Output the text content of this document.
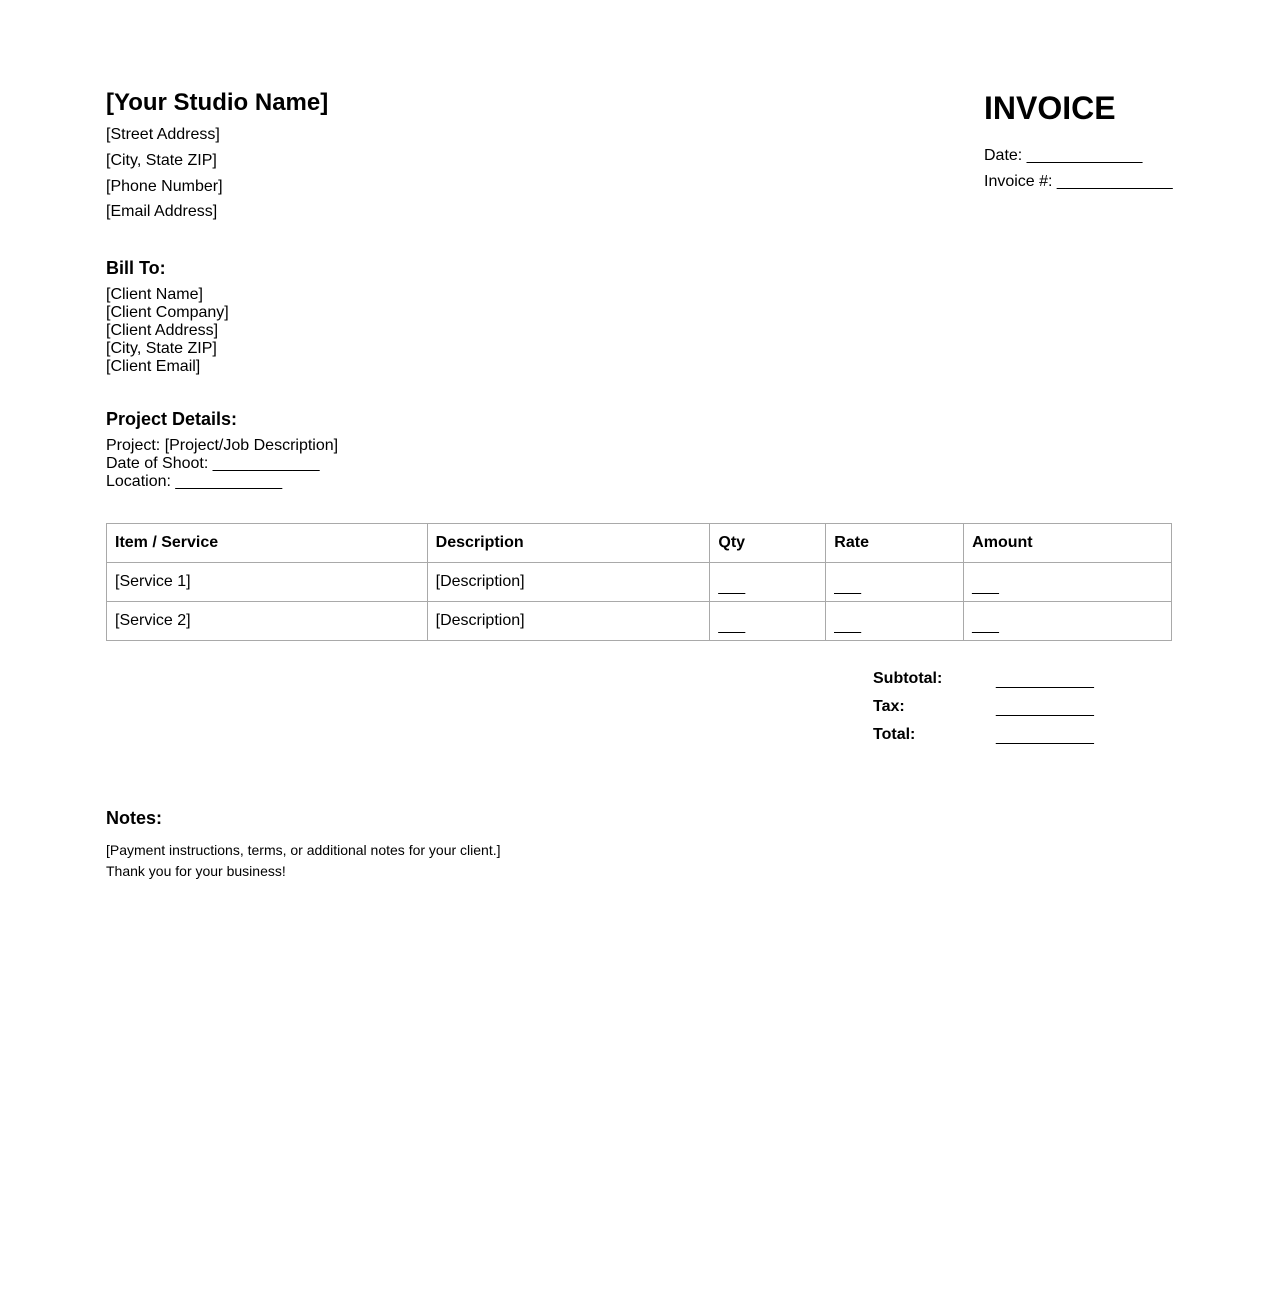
[Your Studio Name]
[Street Address]
[City, State ZIP]
[Phone Number]
[Email Address]
INVOICE
Date: _____________
Invoice #: _____________
Bill To:
[Client Name]
[Client Company]
[Client Address]
[City, State ZIP]
[Client Email]
Project Details:
Project: [Project/Job Description]
Date of Shoot: ____________
Location: ____________
Item / Service	Description	Qty	Rate	Amount
[Service 1]	[Description]	___	___	___
[Service 2]	[Description]	___	___	___
Subtotal:	___________
Tax:	___________
Total:	___________
Notes:
[Payment instructions, terms, or additional notes for your client.]
Thank you for your business!
